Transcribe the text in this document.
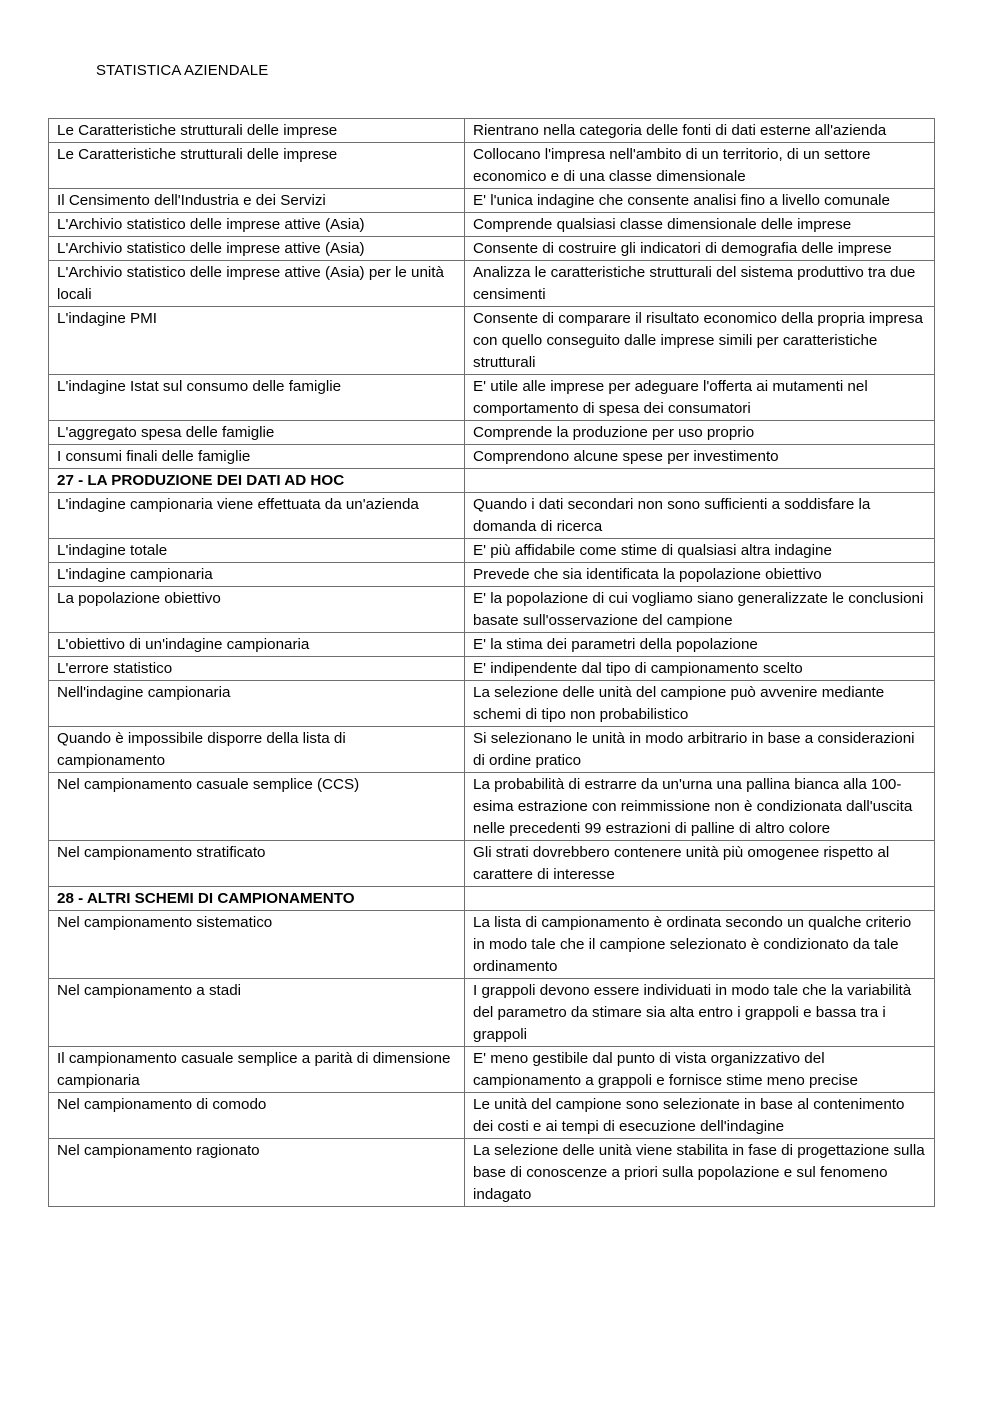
STATISTICA AZIENDALE
Le Caratteristiche strutturali delle imprese	Rientrano nella categoria delle fonti di dati esterne all'azienda
Le Caratteristiche strutturali delle imprese	Collocano l'impresa nell'ambito di un territorio, di un settore economico e di una classe dimensionale
Il Censimento dell'Industria e dei Servizi	E' l'unica indagine che consente analisi fino a livello comunale
L'Archivio statistico delle imprese attive (Asia)	Comprende qualsiasi classe dimensionale delle imprese
L'Archivio statistico delle imprese attive (Asia)	Consente di costruire gli indicatori di demografia delle imprese
L'Archivio statistico delle imprese attive (Asia) per le unità locali	Analizza le caratteristiche strutturali del sistema produttivo tra due censimenti
L'indagine PMI	Consente di comparare il risultato economico della propria impresa con quello conseguito dalle imprese simili per caratteristiche strutturali
L'indagine Istat sul consumo delle famiglie	E' utile alle imprese per adeguare l'offerta ai mutamenti nel comportamento di spesa dei consumatori
L'aggregato spesa delle famiglie	Comprende la produzione per uso proprio
I consumi finali delle famiglie	Comprendono alcune spese per investimento
27 - LA PRODUZIONE DEI DATI AD HOC	
L'indagine campionaria viene effettuata da un'azienda	Quando i dati secondari non sono sufficienti a soddisfare la domanda di ricerca
L'indagine totale	E' più affidabile come stime di qualsiasi altra indagine
L'indagine campionaria	Prevede che sia identificata la popolazione obiettivo
La popolazione obiettivo	E' la popolazione di cui vogliamo siano generalizzate le conclusioni basate sull'osservazione del campione
L'obiettivo di un'indagine campionaria	E' la stima dei parametri della popolazione
L'errore statistico	E' indipendente dal tipo di campionamento scelto
Nell'indagine campionaria	La selezione delle unità del campione può avvenire mediante schemi di tipo non probabilistico
Quando è impossibile disporre della lista di campionamento	Si selezionano le unità in modo arbitrario in base a considerazioni di ordine pratico
Nel campionamento casuale semplice (CCS)	La probabilità di estrarre da un'urna una pallina bianca alla 100-esima estrazione con reimmissione non è condizionata dall'uscita nelle precedenti 99 estrazioni di palline di altro colore
Nel campionamento stratificato	Gli strati dovrebbero contenere unità più omogenee rispetto al carattere di interesse
28 - ALTRI SCHEMI DI CAMPIONAMENTO	
Nel campionamento sistematico	La lista di campionamento è ordinata secondo un qualche criterio in modo tale che il campione selezionato è condizionato da tale ordinamento
Nel campionamento a stadi	I grappoli devono essere individuati in modo tale che la variabilità del parametro da stimare sia alta entro i grappoli e bassa tra i grappoli
Il campionamento casuale semplice a parità di dimensione campionaria	E' meno gestibile dal punto di vista organizzativo del campionamento a grappoli e fornisce stime meno precise
Nel campionamento di comodo	Le unità del campione sono selezionate in base al contenimento dei costi e ai tempi di esecuzione dell'indagine
Nel campionamento ragionato	La selezione delle unità viene stabilita in fase di progettazione sulla base di conoscenze a priori sulla popolazione e sul fenomeno indagato
